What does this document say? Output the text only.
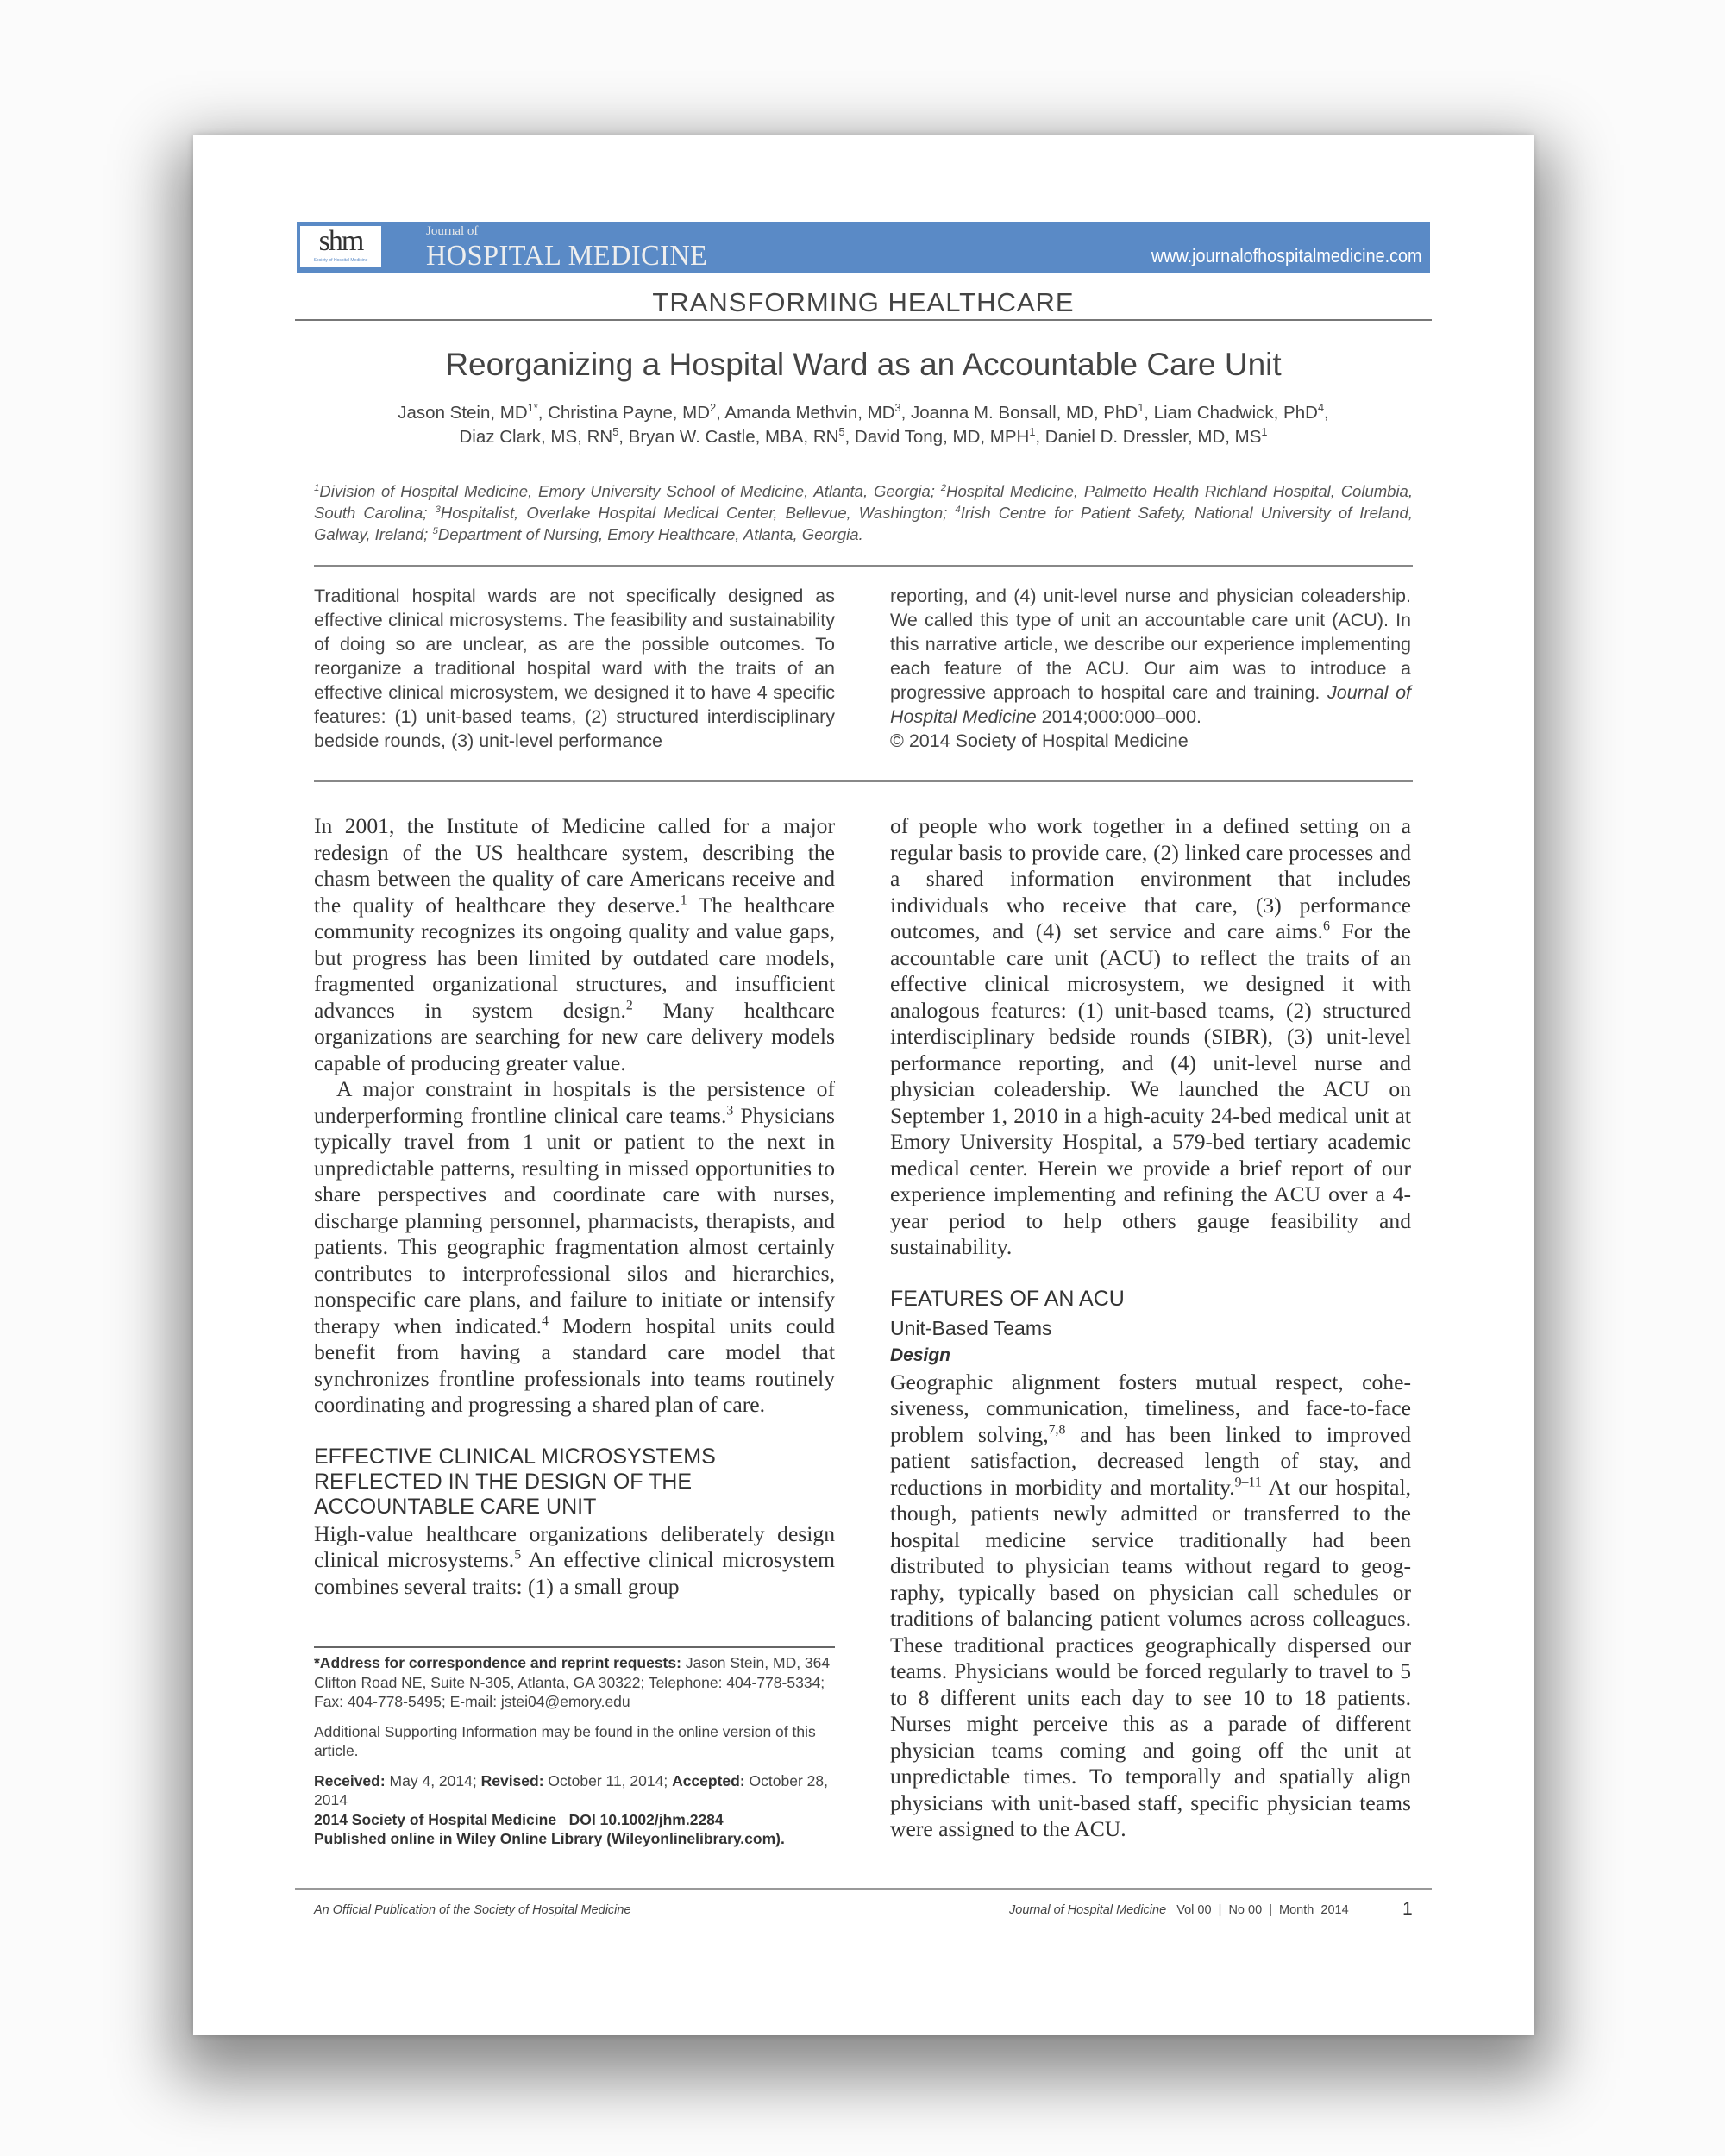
shm
Society of Hospital Medicine
Journal of
HOSPITAL MEDICINE	www.journalofhospitalmedicine.com
TRANSFORMING HEALTHCARE
Reorganizing a Hospital Ward as an Accountable Care Unit
Jason Stein, $MD^{1*}$, Christina Payne, $MD^2$, Amanda Methvin, $MD^3$, Joanna M. Bonsall, MD, PhD$^1$, Liam Chadwick, PhD$^4$,
Diaz Clark, MS, $RN^5$, Bryan W. Castle, MBA, $RN^5$, David Tong, MD, MPH$^1$, Daniel D. Dressler, MD, $MS^1$
$^1$Division of Hospital Medicine, Emory University School of Medicine, Atlanta, Georgia; $^2$Hospital Medicine, Palmetto Health Richland Hospital, Columbia, South Carolina; $^3$Hospitalist, Overlake Hospital Medical Center, Bellevue, Washington; $^4$Irish Centre for Patient Safety, National University of Ireland, Galway, Ireland; $^5$Department of Nursing, Emory Healthcare, Atlanta, Georgia.
Traditional hospital wards are not specifically designed as effective clinical microsystems. The feasibility and sustainability of doing so are unclear, as are the possible outcomes. To reorganize a traditional hospital ward with the traits of an effective clinical microsystem, we designed it to have 4 specific features: (1) unit-based teams, (2) structured interdisciplinary bedside rounds, (3) unit-level performance
reporting, and (4) unit-level nurse and physician coleadership. We called this type of unit an accountable care unit (ACU). In this narrative article, we describe our experience implementing each feature of the ACU. Our aim was to introduce a progressive approach to hospital care and training. Journal of Hospital Medicine 2014;000:000–000.
© 2014 Society of Hospital Medicine

In 2001, the Institute of Medicine called for a major redesign of the US healthcare system, describing the chasm between the quality of care Americans receive and the quality of healthcare they deserve.$^1$ The healthcare community recognizes its ongoing quality and value gaps, but progress has been limited by outdated care models, fragmented organizational structures, and insufficient advances in system design.$^2$ Many healthcare organizations are searching for new care delivery models capable of producing greater value.

A major constraint in hospitals is the persistence of underperforming frontline clinical care teams.$^3$ Physicians typically travel from 1 unit or patient to the next in unpredictable patterns, resulting in missed opportunities to share perspectives and coordinate care with nurses, discharge planning personnel, pharmacists, therapists, and patients. This geographic fragmentation almost certainly contributes to interprofessional silos and hierarchies, nonspecific care plans, and failure to initiate or intensify therapy when indicated.$^4$ Modern hospital units could benefit from having a standard care model that synchronizes frontline professionals into teams routinely coordinating and progressing a shared plan of care.

EFFECTIVE CLINICAL MICROSYSTEMS REFLECTED IN THE DESIGN OF THE ACCOUNTABLE CARE UNIT

High-value healthcare organizations deliberately design clinical microsystems.$^5$ An effective clinical microsystem combines several traits: (1) a small group

of people who work together in a defined setting on a regular basis to provide care, (2) linked care processes and a shared information environment that includes individuals who receive that care, (3) performance outcomes, and (4) set service and care aims.$^6$ For the accountable care unit (ACU) to reflect the traits of an effective clinical microsystem, we designed it with analogous features: (1) unit-based teams, (2) structured interdisciplinary bedside rounds (SIBR), (3) unit-level performance reporting, and (4) unit-level nurse and physician coleadership. We launched the ACU on September 1, 2010 in a high-acuity 24-bed medical unit at Emory University Hospital, a 579-bed tertiary academic medical center. Herein we provide a brief report of our experience implementing and refining the ACU over a 4-year period to help others gauge feasibility and sustainability.

FEATURES OF AN ACU
Unit-Based Teams
Design

Geographic alignment fosters mutual respect, cohesiveness, communication, timeliness, and face-to-face problem solving,$^{7,8}$ and has been linked to improved patient satisfaction, decreased length of stay, and reductions in morbidity and mortality.$^{9-11}$ At our hospital, though, patients newly admitted or transferred to the hospital medicine service traditionally had been distributed to physician teams without regard to geography, typically based on physician call schedules or traditions of balancing patient volumes across colleagues. These traditional practices geographically dispersed our teams. Physicians would be forced regularly to travel to 5 to 8 different units each day to see 10 to 18 patients. Nurses might perceive this as a parade of different physician teams coming and going off the unit at unpredictable times. To temporally and spatially align physicians with unit-based staff, specific physician teams were assigned to the ACU.

*Address for correspondence and reprint requests: Jason Stein, MD, 364 Clifton Road NE, Suite N-305, Atlanta, GA 30322; Telephone: 404-778-5334; Fax: 404-778-5495; E-mail: jstei04@emory.edu

Additional Supporting Information may be found in the online version of this article.

Received: May 4, 2014; Revised: October 11, 2014; Accepted: October 28, 2014

2014 Society of Hospital Medicine   DOI 10.1002/jhm.2284

Published online in Wiley Online Library (Wileyonlinelibrary.com).

An Official Publication of the Society of Hospital Medicine	Journal of Hospital Medicine Vol 00  |  No 00  |  Month  2014	1
